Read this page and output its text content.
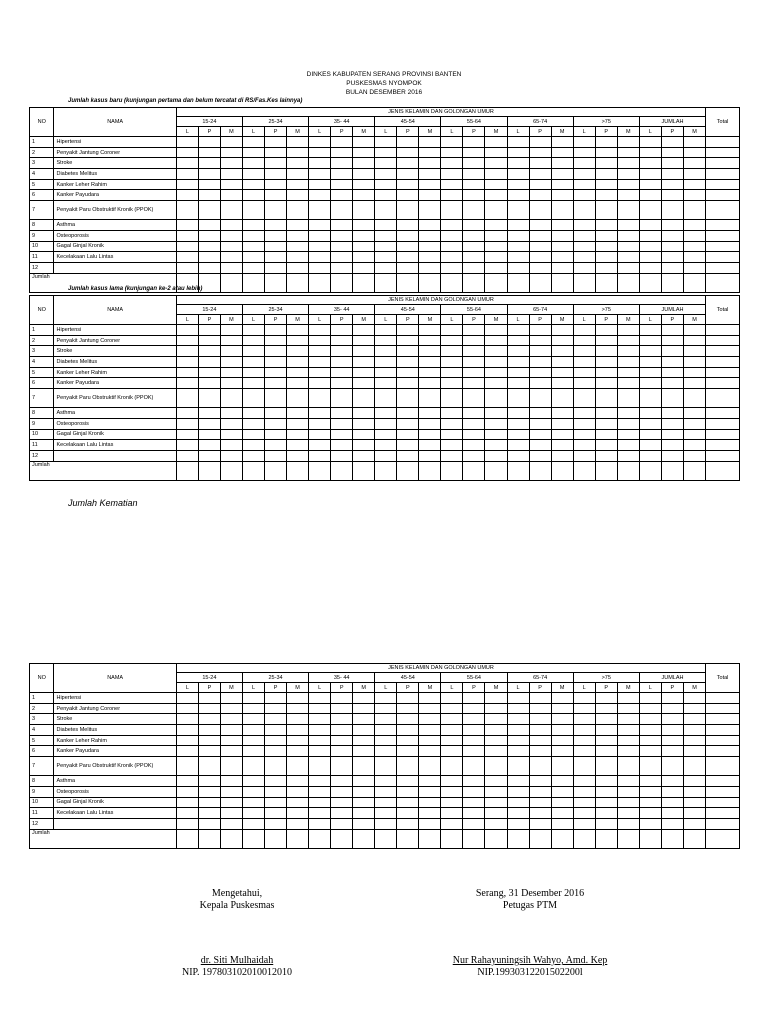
DINKES KABUPATEN SERANG PROVINSI BANTEN
PUSKESMAS NYOMPOK
BULAN DESEMBER 2016
Jumlah kasus baru (kunjungan pertama dan belum tercatat di RS/Fas.Kes lainnya)
NO	NAMA	JENIS KELAMIN DAN GOLONGAN UMUR																								Total
		15-24			25-34			35- 44			45-54			55-64			65-74			>75			JUMLAH			
		L	P	M	L	P	M	L	P	M	L	P	M	L	P	M	L	P	M	L	P	M	L	P	M	
1	Hipertensi																									
2	Penyakit Jantung Coroner																									
3	Stroke																									
4	Diabetes Melitus																									
5	Kanker Leher Rahim																									
6	Kanker Payudara																									
7	Penyakit Paru Obstruktif Kronik (PPOK)																									
8	Asthma																									
9	Osteoporosis																									
10	Gagal Ginjal Kronik																									
11	Kecelakaan Lalu Lintas																									
12																										
Jumlah																										
Jumlah kasus lama (kunjungan ke-2 atau lebih)
NO	NAMA	JENIS KELAMIN DAN GOLONGAN UMUR																								Total
		15-24			25-34			35- 44			45-54			55-64			65-74			>75			JUMLAH			
		L	P	M	L	P	M	L	P	M	L	P	M	L	P	M	L	P	M	L	P	M	L	P	M	
1	Hipertensi																									
2	Penyakit Jantung Coroner																									
3	Stroke																									
4	Diabetes Melitus																									
5	Kanker Leher Rahim																									
6	Kanker Payudara																									
7	Penyakit Paru Obstruktif Kronik (PPOK)																									
8	Asthma																									
9	Osteoporosis																									
10	Gagal Ginjal Kronik																									
11	Kecelakaan Lalu Lintas																									
12																										
Jumlah																										
Jumlah Kematian
NO	NAMA	JENIS KELAMIN DAN GOLONGAN UMUR																								Total
		15-24			25-34			35- 44			45-54			55-64			65-74			>75			JUMLAH			
		L	P	M	L	P	M	L	P	M	L	P	M	L	P	M	L	P	M	L	P	M	L	P	M	
1	Hipertensi																									
2	Penyakit Jantung Coroner																									
3	Stroke																									
4	Diabetes Melitus																									
5	Kanker Leher Rahim																									
6	Kanker Payudara																									
7	Penyakit Paru Obstruktif Kronik (PPOK)																									
8	Asthma																									
9	Osteoporosis																									
10	Gagal Ginjal Kronik																									
11	Kecelakaan Lalu Lintas																									
12																										
Jumlah																										
Mengetahui,
Kepala Puskesmas
dr. Siti Mulhaidah
NIP. 197803102010012010
Serang, 31 Desember 2016
Petugas PTM
Nur Rahayuningsih Wahyo, Amd. Kep
NIP.19930312201502200l
